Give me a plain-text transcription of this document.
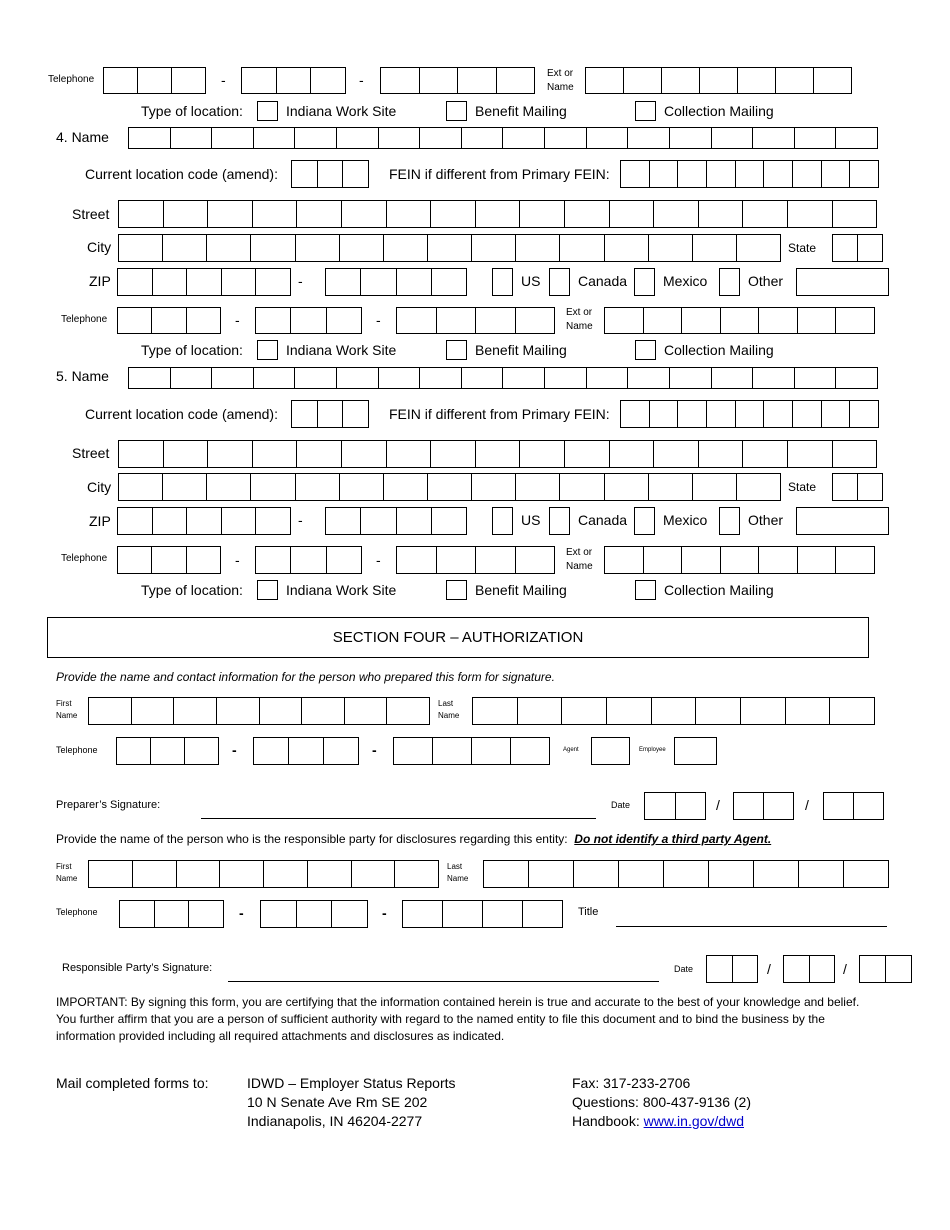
Telephone	-	-	Ext or
Name
Type of location:	Indiana Work Site	Benefit Mailing	Collection Mailing
4. Name
Current location code (amend):	FEIN if different from Primary FEIN:
Street
City	State
ZIP	-	US	Canada	Mexico	Other
Telephone	-	-	Ext or
Name
Type of location:	Indiana Work Site	Benefit Mailing	Collection Mailing
5. Name
Current location code (amend):	FEIN if different from Primary FEIN:
Street
City	State
ZIP	-	US	Canada	Mexico	Other
Telephone	-	-	Ext or
Name
Type of location:	Indiana Work Site	Benefit Mailing	Collection Mailing
SECTION FOUR – AUTHORIZATION
Provide the name and contact information for the person who prepared this form for signature.
First
Name
Last
Name
Telephone	-	-	Agent	Employee
Preparer’s Signature:	Date	/	/
Provide the name of the person who is the responsible party for disclosures regarding this entity: Do not identify a third party Agent.
First
Name
Last
Name
Telephone	-	-	Title
Responsible Party’s Signature:	Date	/	/
IMPORTANT: By signing this form, you are certifying that the information contained herein is true and accurate to the best of your knowledge and belief. You further affirm that you are a person of sufficient authority with regard to the named entity to file this document and to bind the business by the information provided including all required attachments and disclosures as indicated.
Mail completed forms to:	IDWD – Employer Status Reports
10 N Senate Ave Rm SE 202
Indianapolis, IN 46204-2277
Fax: 317-233-2706
Questions: 800-437-9136 (2)
Handbook: www.in.gov/dwd
